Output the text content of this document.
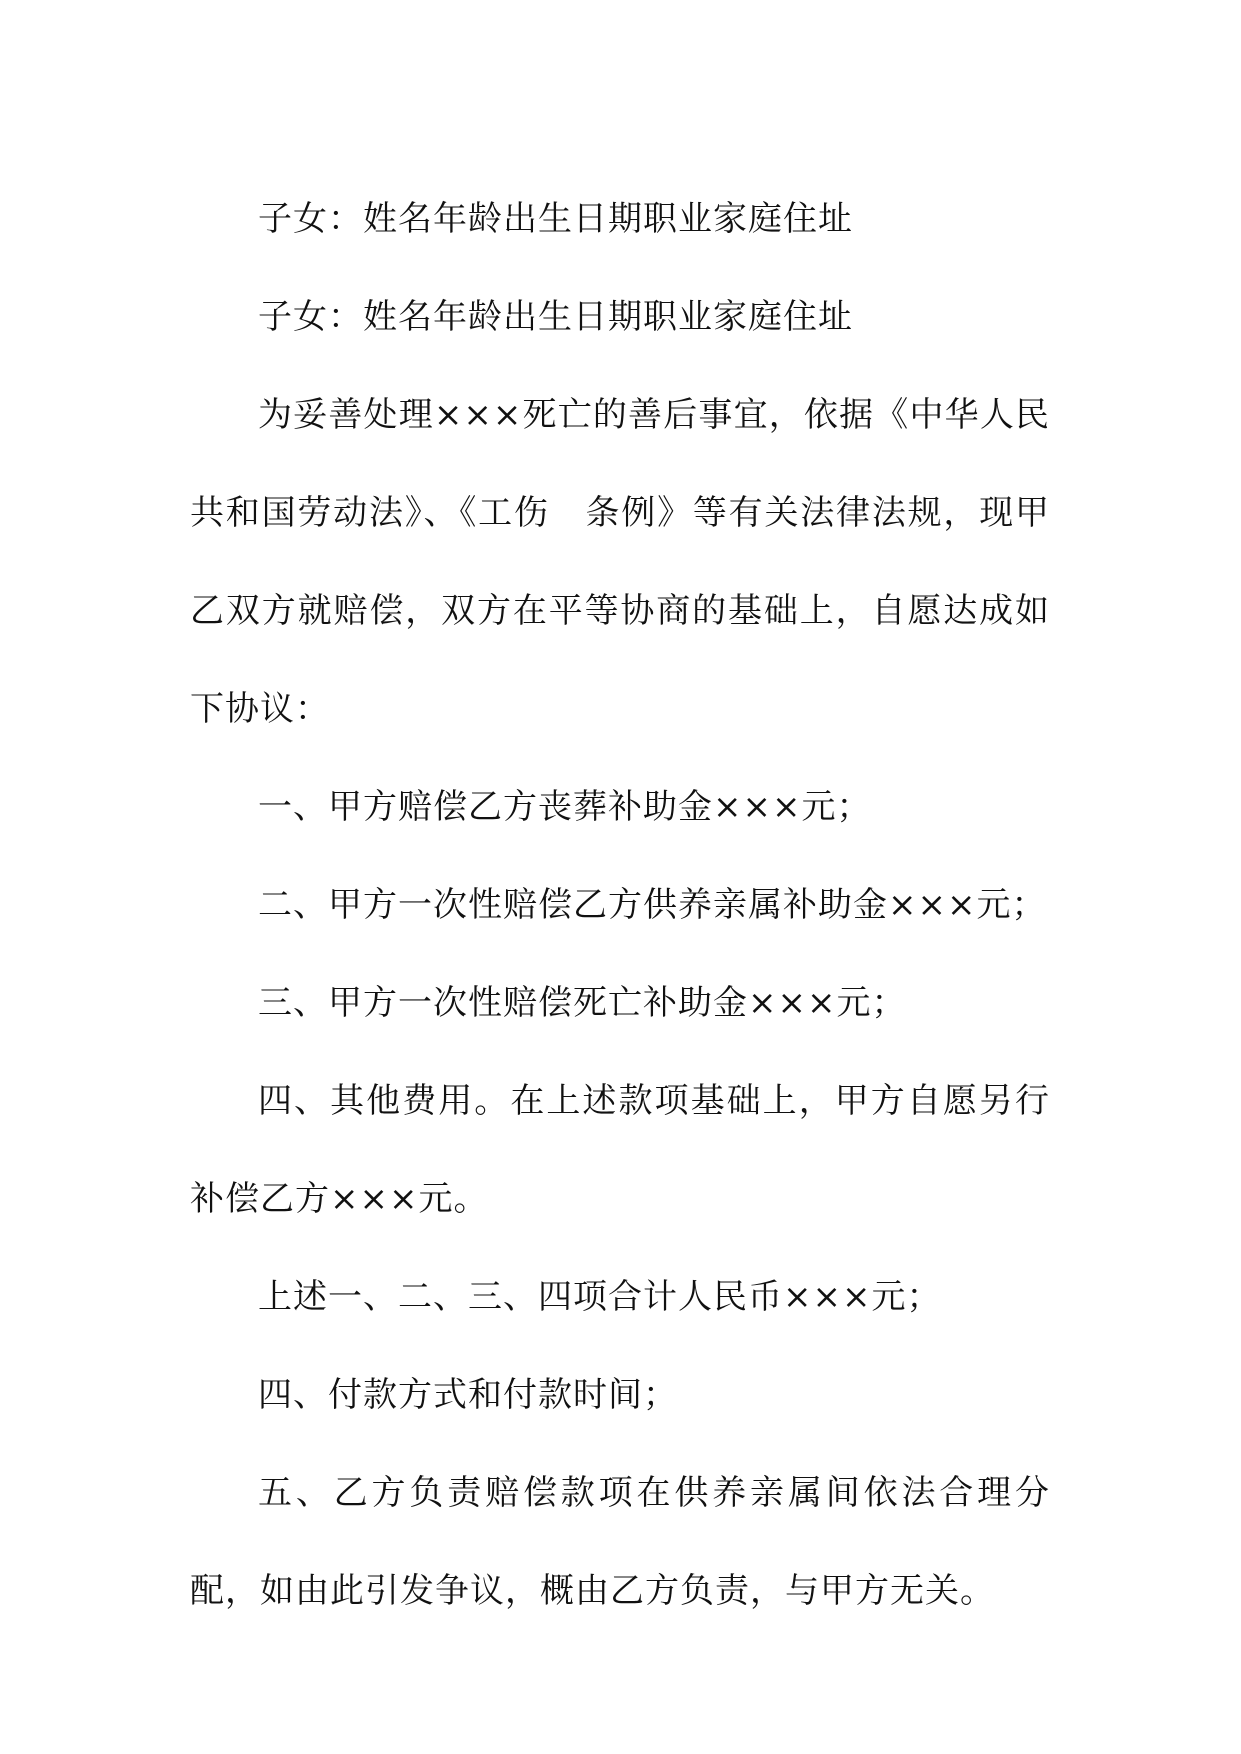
子女：姓名年龄出生日期职业家庭住址

子女：姓名年龄出生日期职业家庭住址

为妥善处理×××死亡的善后事宜，依据《中华人民共和国劳动法》、《工伤　条例》等有关法律法规，现甲乙双方就赔偿，双方在平等协商的基础上，自愿达成如下协议：

一、甲方赔偿乙方丧葬补助金×××元；

二、甲方一次性赔偿乙方供养亲属补助金×××元；

三、甲方一次性赔偿死亡补助金×××元；

四、其他费用。在上述款项基础上，甲方自愿另行补偿乙方×××元。

上述一、二、三、四项合计人民币×××元；

四、付款方式和付款时间；

五、乙方负责赔偿款项在供养亲属间依法合理分配，如由此引发争议，概由乙方负责，与甲方无关。
